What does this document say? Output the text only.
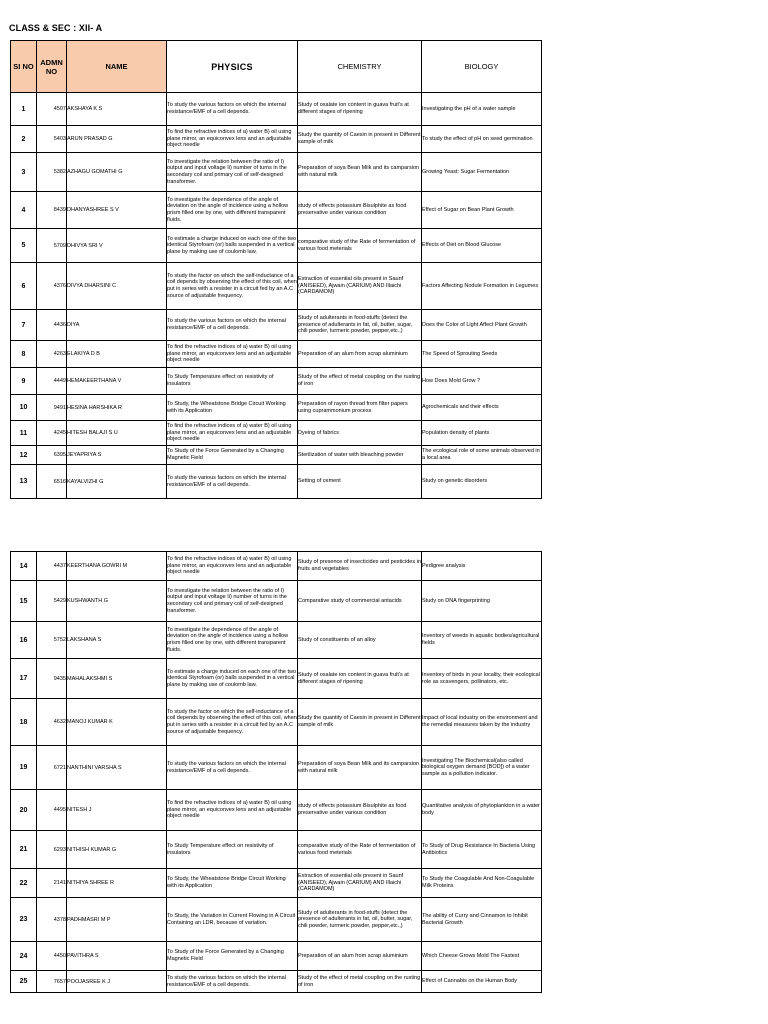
CLASS & SEC : XII- A
SI NO	ADMN NO	NAME	PHYSICS	CHEMISTRY	BIOLOGY
1	4507	AKSHAYA K S	To study the various factors on which the internal resistance/EMF of a cell depends.	Study of oxalate ion content in guava fruit's at different stages of ripening	Investigating the pH of a water sample
2	5403	ARUN PRASAD G	To find the refractive indices of a) water B) oil using plane mirror, an equiconvex lens and an adjustable object needle	Study the quantity of Caesin in present in Different sample of milk	To study the effect of pH on seed germination
3	5382	AZHAGU GOMATHI G	To investigate the relation between the ratio of I) output and input voltage Ii) number of turns in the secondary coil and primary coil of self-designed transformer.	Preparation of soya Bean Milk and its camparsion with natural milk	Growing Yeast: Sugar Fermentation
4	8439	DHANYASHREE S V	To investigate the dependence of the angle of deviation on the angle of incidence using a hollow prism filled one by one, with different transparent fluids.	study of effects potassium Bisulphite as food preservative under various condition	Effect of Sugar on Bean Plant Growth
5	5709	DHIVYA SRI V	To estimate a charge induced on each one of the two identical Styrofoam (or) balls suspended in a vertical plane by making use of coulomb law.	comparative study of the Rate of fermentation of various food meterials	Effects of Diet on Blood Glucose
6	4376	DIVYA DHARSINI C	To study the factor on which the self-inductance of a coil depends by observing the effect of this coil, when put in series with a resister in a circuit fed by an A.C source of adjustable frequency.	Extraction of essential oils present in Saunf (ANISEED), Ajwain (CARIUM) AND Illaichi (CARDAMOM)	Factors Affecting Nodule Formation in Legumes
7	4436	DIYA	To study the various factors on which the internal resistance/EMF of a cell depends.	Study of adulterants in food-stuffs (detect the presence of adulterants in fat, oil, butter, sugar, chili powder, turmeric powder, pepper,etc.,)	Does the Color of Light Affect Plant Growth
8	4263	ELAKIYA D B	To find the refractive indices of a) water B) oil using plane mirror, an equiconvex lens and an adjustable object needle	Preparation of an alum from scrap aluminium	The Speed of Sprouting Seeds
9	4449	HEMAKEERTHANA V	To Study Temperature effect on resistivity of insulators	Study of the effect of metal coupling on the rusting of iron	How Does Mold Grow ?
10	9491	HESINA HARSHIKA R	To Study, the Wheatstone Bridge Circuit Working with its Application	Preparation of rayon thread from filter papers using cuprammonium process	Agrochemicals and their effects
11	4245	HITESH BALAJI S U	To find the refractive indices of a) water B) oil using plane mirror, an equiconvex lens and an adjustable object needle	Dyeing of fabrics	Population density of plants
12	6395	JEYAPRIYA S	To Study of the Force Generated by a Changing Magnetic Field	Sterilization of water with bleaching powder	The ecological role of some animals observed in a local area
13	6516	KAYALVIZHI G	To study the various factors on which the internal resistance/EMF of a cell depends.	Setting of cement	Study on genetic disorders
14	4437	KEERTHANA GOWRI M	To find the refractive indices of a) water B) oil using plane mirror, an equiconvex lens and an adjustable object needle	Study of presence of insecticides and pesticides in fruits and vegetables	Pedigree analysis
15	5429	KUSHWANTH G	To investigate the relation between the ratio of I) output and input voltage Ii) number of turns in the secondary coil and primary coil of self-designed transformer.	Comparative study of commercial antacids	Study on DNA fingerprinting
16	5752	LAKSHANA S	To investigate the dependence of the angle of deviation on the angle of incidence using a hollow prism filled one by one, with different transparent fluids.	Study of constituents of an alloy	Inventory of weeds in aquatic bodies/agricultural fields
17	9435	MAHALAKSHMI S	To estimate a charge induced on each one of the two identical Styrofoam (or) balls suspended in a vertical plane by making use of coulomb law.	Study of oxalate ion content in guava fruit's at different stages of ripening	Inventory of birds in your locality, their ecological role as scavengers, pollinators, etc.
18	4632	MANOJ KUMAR K	To study the factor on which the self-inductance of a coil depends by observing the effect of this coil, when put in series with a resister in a circuit fed by an A.C source of adjustable frequency.	Study the quantity of Caesin in present in Different sample of milk	Impact of local industry on the environment and the remedial measures taken by the industry
19	6721	NANTHINI VARSHA S	To study the various factors on which the internal resistance/EMF of a cell depends.	Preparation of soya Bean Milk and its camparsion with natural milk	Investigating The Biochemical(also called biological oxygen demand [BOD]) of a water sample as a pollution indicator.
20	4495	NITESH J	To find the refractive indices of a) water B) oil using plane mirror, an equiconvex lens and an adjustable object needle	study of effects potassium Bisulphite as food preservative under various condition	Quantitative analysis of phytoplankton in a water body
21	6293	NITHISH KUMAR G	To Study Temperature effect on resistivity of insulators	comparative study of the Rate of fermentation of various food meterials	To Study of Drug Resistance In Bacteria Using Antibiotics
22	2141	NITHIYA SHREE R	To Study, the Wheatstone Bridge Circuit Working with its Application	Extraction of essential oils present in Saunf (ANISEED), Ajwain (CARIUM) AND Illaichi (CARDAMOM)	To Study the Coagulable And Non-Coagulable Milk Proteins
23	4378	PADHMASRI M P	To Study, the Variation in Current Flowing in A Circuit Containing an LDR, because of variation.	Study of adulterants in food-stuffs (detect the presence of adulterants in fat, oil, butter, sugar, chili powder, turmeric powder, pepper,etc.,)	The ability of Curry and Cinnamon to Inhibit Bacterial Growth
24	4450	PAVITHRA S	To Study of the Force Generated by a Changing Magnetic Field	Preparation of an alum from scrap aluminium	Which Cheese Grows Mold The Fastest
25	7657	POOJASREE K J	To study the various factors on which the internal resistance/EMF of a cell depends.	Study of the effect of metal coupling on the rusting of iron	Effect of Cannabis on the Human Body
